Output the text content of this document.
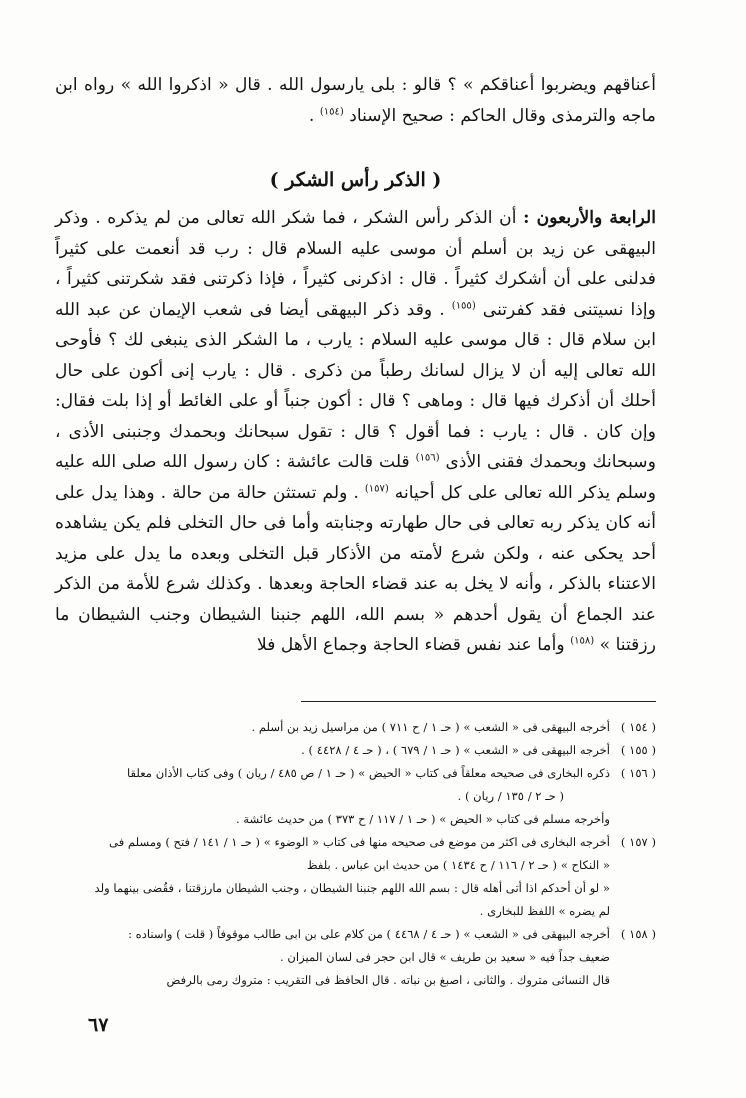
أعناقهم ويضربوا أعناقكم » ؟ قالو : بلى يارسول الله . قال « اذكروا الله » رواه ابن ماجه والترمذى وقال الحاكم : صحيح الإسناد $^{(١٥٤)}$ .

( الذكر رأس الشكر )

الرابعة والأربعون : أن الذكر رأس الشكر ، فما شكر الله تعالى من لم يذكره . وذكر البيهقى عن زيد بن أسلم أن موسى عليه السلام قال : رب قد أنعمت على كثيراً فدلنى على أن أشكرك كثيراً . قال : اذكرنى كثيراً ، فإذا ذكرتنى فقد شكرتنى كثيراً ، وإذا نسيتنى فقد كفرتنى $^{(١٥٥)}$ . وقد ذكر البيهقى أيضا فى شعب الإيمان عن عبد الله ابن سلام قال : قال موسى عليه السلام : يارب ، ما الشكر الذى ينبغى لك ؟ فأوحى الله تعالى إليه أن لا يزال لسانك رطباً من ذكرى . قال : يارب إنى أكون على حال أحلك أن أذكرك فيها قال : وماهى ؟ قال : أكون جنباً أو على الغائط أو إذا بلت فقال: وإن كان . قال : يارب : فما أقول ؟ قال : تقول سبحانك وبحمدك وجنبنى الأذى ، وسبحانك وبحمدك فقنى الأذى $^{(١٥٦)}$ قلت قالت عائشة : كان رسول الله صلى الله عليه وسلم يذكر الله تعالى على كل أحيانه $^{(١٥٧)}$ . ولم تستثن حالة من حالة . وهذا يدل على أنه كان يذكر ربه تعالى فى حال طهارته وجنابته وأما فى حال التخلى فلم يكن يشاهده أحد يحكى عنه ، ولكن شرع لأمته من الأذكار قبل التخلى وبعده ما يدل على مزيد الاعتناء بالذكر ، وأنه لا يخل به عند قضاء الحاجة وبعدها . وكذلك شرع للأمة من الذكر عند الجماع أن يقول أحدهم « بسم الله، اللهم جنبنا الشيطان وجنب الشيطان ما رزقتنا » $^{(١٥٨)}$ وأما عند نفس قضاء الحاجة وجماع الأهل فلا

( ١٥٤ )
أخرجه البيهقى فى « الشعب » ( حـ ١ / ح ٧١١ ) من مراسيل زيد بن أسلم .
( ١٥٥ )
أخرجه البيهقى فى « الشعب » ( حـ ١ / ٦٧٩ ) ، ( حـ ٤ / ٤٤٢٨ ) .
( ١٥٦ )
ذكره البخارى فى صحيحه معلقاً فى كتاب « الحيض » ( حـ ١ / ص ٤٨٥ / ريان ) وفى كتاب الأذان معلقا
( حـ ٢ / ١٣٥ / ريان ) .
وأخرجه مسلم فى كتاب « الحيض » ( حـ ١ / ١١٧ / ح ٣٧٣ ) من حديث عائشة .
( ١٥٧ )
أخرجه البخارى فى اكثر من موضع فى صحيحه منها فى كتاب « الوضوء » ( حـ ١ / ١٤١ / فتح ) ومسلم فى
« النكاح » ( حـ ٢ / ١١٦ / ح ١٤٣٤ ) من حديث ابن عباس . بلفظ
« لو أن أحدكم اذا أتى أهله قال : بسم الله اللهم جنبنا الشيطان ، وجنب الشيطان مارزقتنا ، فقُضى بينهما ولد
لم يضره » اللفظ للبخارى .
( ١٥٨ )
أخرجه البيهقى فى « الشعب » ( حـ ٤ / ٤٤٦٨ ) من كلام على بن ابى طالب موقوفاً ( قلت ) واسناده :
ضعيف جداً فيه « سعيد بن طريف » قال ابن حجر فى لسان الميزان .
قال النسائى متروك . والثانى ، اصبغ بن نباته . قال الحافظ فى التقريب : متروك رمى بالرفض
٦٧
